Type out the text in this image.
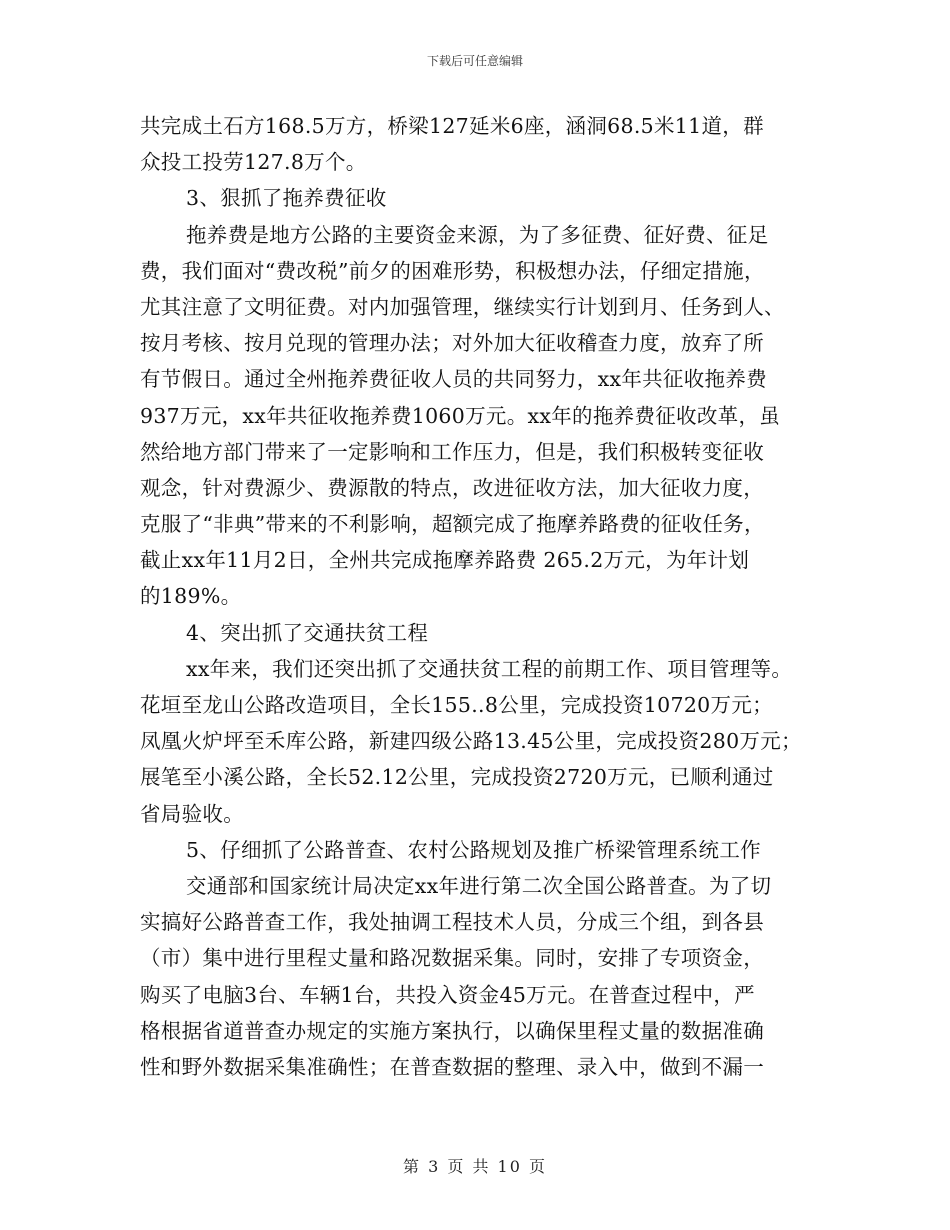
下载后可任意编辑
共完成土石方168.5万方，桥梁127延米6座，涵洞68.5米11道，群
众投工投劳127.8万个。
3、狠抓了拖养费征收
拖养费是地方公路的主要资金来源，为了多征费、征好费、征足
费，我们面对“费改税”前夕的困难形势，积极想办法，仔细定措施，
尤其注意了文明征费。对内加强管理，继续实行计划到月、任务到人、
按月考核、按月兑现的管理办法；对外加大征收稽查力度，放弃了所
有节假日。通过全州拖养费征收人员的共同努力，xx年共征收拖养费
937万元，xx年共征收拖养费1060万元。xx年的拖养费征收改革，虽
然给地方部门带来了一定影响和工作压力，但是，我们积极转变征收
观念，针对费源少、费源散的特点，改进征收方法，加大征收力度，
克服了“非典”带来的不利影响，超额完成了拖摩养路费的征收任务，
截止xx年11月2日，全州共完成拖摩养路费 265.2万元，为年计划
的189%。
4、突出抓了交通扶贫工程
xx年来，我们还突出抓了交通扶贫工程的前期工作、项目管理等。
花垣至龙山公路改造项目，全长155..8公里，完成投资10720万元；
凤凰火炉坪至禾库公路，新建四级公路13.45公里，完成投资280万元；
展笔至小溪公路，全长52.12公里，完成投资2720万元，已顺利通过
省局验收。
5、仔细抓了公路普查、农村公路规划及推广桥梁管理系统工作
交通部和国家统计局决定xx年进行第二次全国公路普查。为了切
实搞好公路普查工作，我处抽调工程技术人员，分成三个组，到各县
（市）集中进行里程丈量和路况数据采集。同时，安排了专项资金，
购买了电脑3台、车辆1台，共投入资金45万元。在普查过程中，严
格根据省道普查办规定的实施方案执行，以确保里程丈量的数据准确
性和野外数据采集准确性；在普查数据的整理、录入中，做到不漏一
第 3 页 共 10 页
